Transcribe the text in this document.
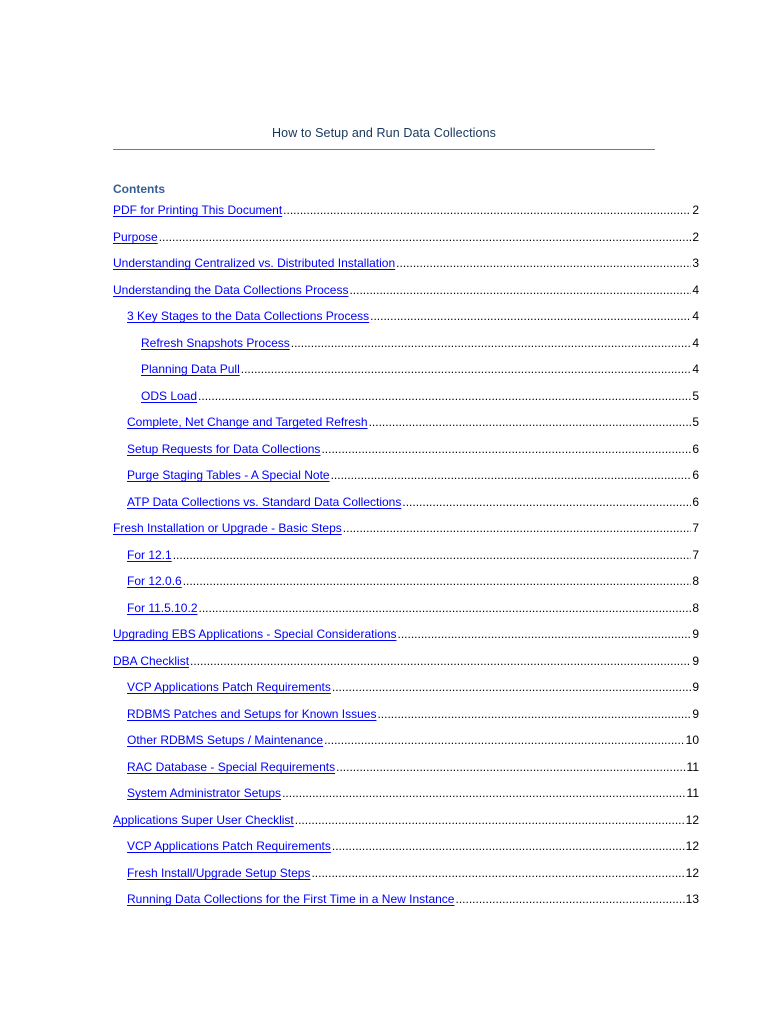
How to Setup and Run Data Collections
Contents
PDF for Printing This Document .....	2
Purpose .....	2
Understanding Centralized vs. Distributed Installation .....	3
Understanding the Data Collections Process .....	4
3 Key Stages to the Data Collections Process .....	4
Refresh Snapshots Process .....	4
Planning Data Pull .....	4
ODS Load .....	5
Complete, Net Change and Targeted Refresh .....	5
Setup Requests for Data Collections .....	6
Purge Staging Tables - A Special Note .....	6
ATP Data Collections vs. Standard Data Collections .....	6
Fresh Installation or Upgrade - Basic Steps .....	7
For 12.1 .....	7
For 12.0.6 .....	8
For 11.5.10.2 .....	8
Upgrading EBS Applications - Special Considerations .....	9
DBA Checklist .....	9
VCP Applications Patch Requirements .....	9
RDBMS Patches and Setups for Known Issues .....	9
Other RDBMS Setups / Maintenance .....	10
RAC Database - Special Requirements .....	11
System Administrator Setups .....	11
Applications Super User Checklist .....	12
VCP Applications Patch Requirements .....	12
Fresh Install/Upgrade Setup Steps .....	12
Running Data Collections for the First Time in a New Instance .....	13
